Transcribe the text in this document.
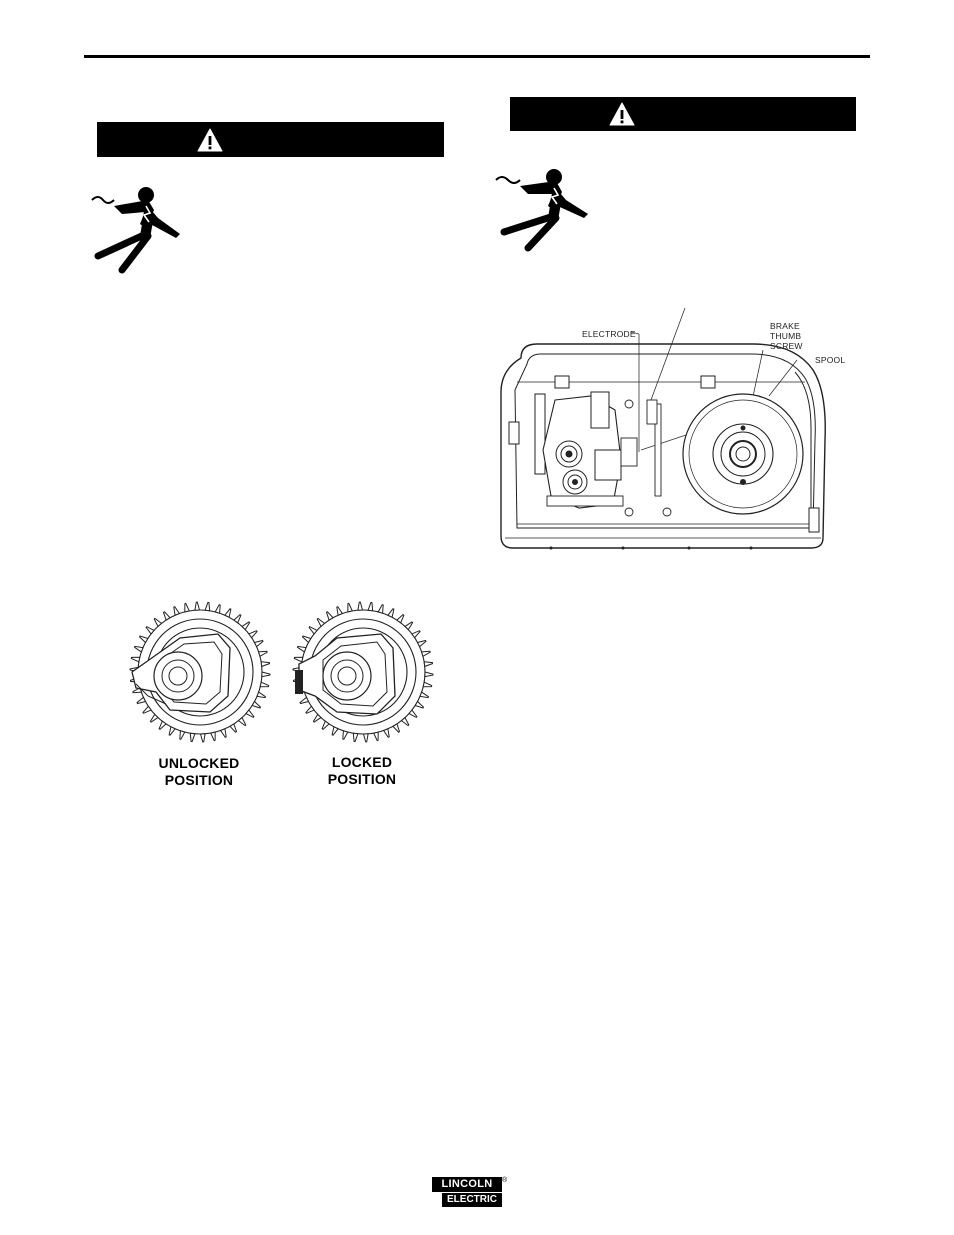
UNLOCKED
POSITION
LOCKED
POSITION
ELECTRODE
BRAKE
THUMB
SCREW
SPOOL
LINCOLN
ELECTRIC
®
